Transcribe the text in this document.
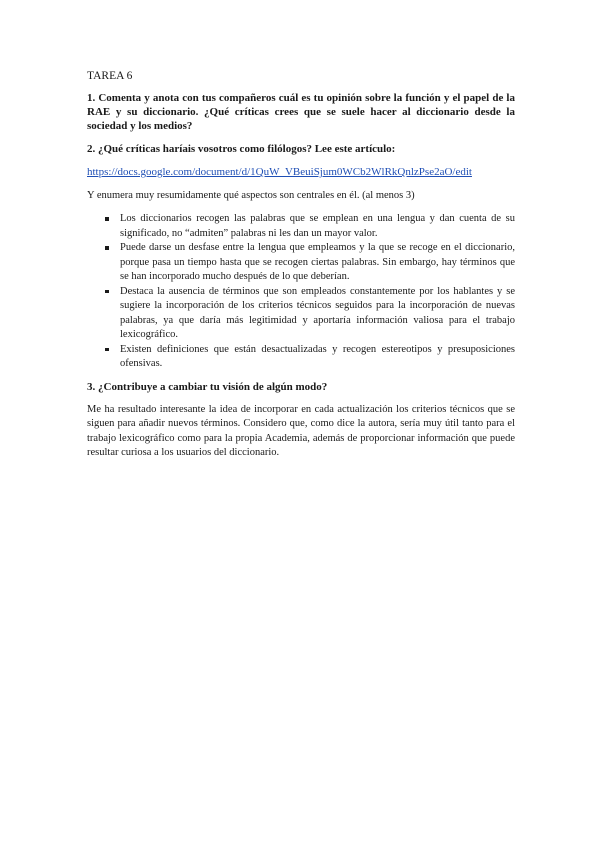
TAREA 6

1. Comenta y anota con tus compañeros cuál es tu opinión sobre la función y el papel de la RAE y su diccionario. ¿Qué críticas crees que se suele hacer al diccionario desde la sociedad y los medios?

2. ¿Qué críticas haríais vosotros como filólogos? Lee este artículo:

https://docs.google.com/document/d/1QuW_VBeuiSjum0WCb2WlRkQnlzPse2aO/edit

Y enumera muy resumidamente qué aspectos son centrales en él. (al menos 3)

Los diccionarios recogen las palabras que se emplean en una lengua y dan cuenta de su significado, no “admiten” palabras ni les dan un mayor valor.
Puede darse un desfase entre la lengua que empleamos y la que se recoge en el diccionario, porque pasa un tiempo hasta que se recogen ciertas palabras. Sin embargo, hay términos que se han incorporado mucho después de lo que deberían.
Destaca la ausencia de términos que son empleados constantemente por los hablantes y se sugiere la incorporación de los criterios técnicos seguidos para la incorporación de nuevas palabras, ya que daría más legitimidad y aportaría información valiosa para el trabajo lexicográfico.
Existen definiciones que están desactualizadas y recogen estereotipos y presuposiciones ofensivas.

3. ¿Contribuye a cambiar tu visión de algún modo?

Me ha resultado interesante la idea de incorporar en cada actualización los criterios técnicos que se siguen para añadir nuevos términos. Considero que, como dice la autora, sería muy útil tanto para el trabajo lexicográfico como para la propia Academia, además de proporcionar información que puede resultar curiosa a los usuarios del diccionario.
